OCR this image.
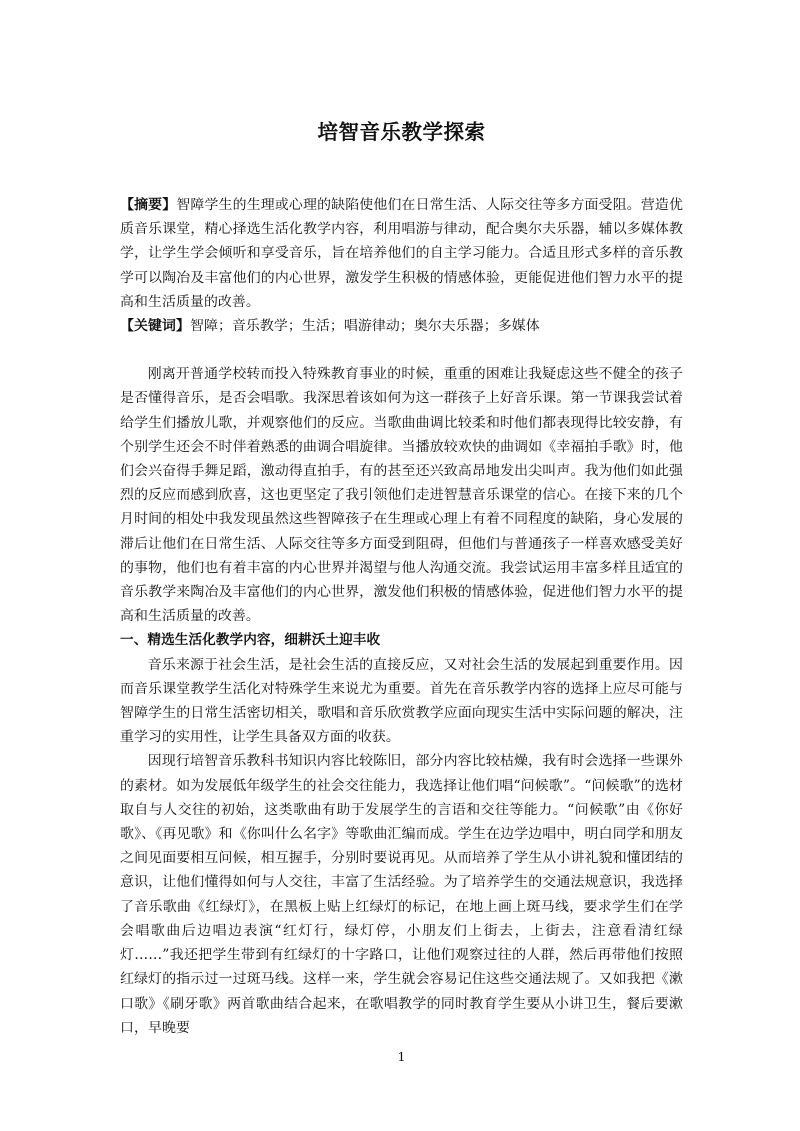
培智音乐教学探索

【摘要】智障学生的生理或心理的缺陷使他们在日常生活、人际交往等多方面受阻。营造优质音乐课堂，精心择选生活化教学内容，利用唱游与律动，配合奥尔夫乐器，辅以多媒体教学，让学生学会倾听和享受音乐，旨在培养他们的自主学习能力。合适且形式多样的音乐教学可以陶冶及丰富他们的内心世界，激发学生积极的情感体验，更能促进他们智力水平的提高和生活质量的改善。

【关键词】智障；音乐教学；生活；唱游律动；奥尔夫乐器；多媒体

刚离开普通学校转而投入特殊教育事业的时候，重重的困难让我疑虑这些不健全的孩子是否懂得音乐，是否会唱歌。我深思着该如何为这一群孩子上好音乐课。第一节课我尝试着给学生们播放儿歌，并观察他们的反应。当歌曲曲调比较柔和时他们都表现得比较安静，有个别学生还会不时伴着熟悉的曲调合唱旋律。当播放较欢快的曲调如《幸福拍手歌》时，他们会兴奋得手舞足蹈，激动得直拍手，有的甚至还兴致高昂地发出尖叫声。我为他们如此强烈的反应而感到欣喜，这也更坚定了我引领他们走进智慧音乐课堂的信心。在接下来的几个月时间的相处中我发现虽然这些智障孩子在生理或心理上有着不同程度的缺陷，身心发展的滞后让他们在日常生活、人际交往等多方面受到阻碍，但他们与普通孩子一样喜欢感受美好的事物，他们也有着丰富的内心世界并渴望与他人沟通交流。我尝试运用丰富多样且适宜的音乐教学来陶冶及丰富他们的内心世界，激发他们积极的情感体验，促进他们智力水平的提高和生活质量的改善。

一、精选生活化教学内容，细耕沃土迎丰收

音乐来源于社会生活，是社会生活的直接反应，又对社会生活的发展起到重要作用。因而音乐课堂教学生活化对特殊学生来说尤为重要。首先在音乐教学内容的选择上应尽可能与智障学生的日常生活密切相关，歌唱和音乐欣赏教学应面向现实生活中实际问题的解决，注重学习的实用性，让学生具备双方面的收获。

因现行培智音乐教科书知识内容比较陈旧，部分内容比较枯燥，我有时会选择一些课外的素材。如为发展低年级学生的社会交往能力，我选择让他们唱“问候歌”。“问候歌”的选材取自与人交往的初始，这类歌曲有助于发展学生的言语和交往等能力。“问候歌”由《你好歌》、《再见歌》和《你叫什么名字》等歌曲汇编而成。学生在边学边唱中，明白同学和朋友之间见面要相互问候，相互握手，分别时要说再见。从而培养了学生从小讲礼貌和懂团结的意识，让他们懂得如何与人交往，丰富了生活经验。为了培养学生的交通法规意识，我选择了音乐歌曲《红绿灯》，在黑板上贴上红绿灯的标记，在地上画上斑马线，要求学生们在学会唱歌曲后边唱边表演“红灯行，绿灯停，小朋友们上街去，上街去，注意看清红绿灯……”我还把学生带到有红绿灯的十字路口，让他们观察过往的人群，然后再带他们按照红绿灯的指示过一过斑马线。这样一来，学生就会容易记住这些交通法规了。又如我把《漱口歌》《刷牙歌》两首歌曲结合起来，在歌唱教学的同时教育学生要从小讲卫生，餐后要漱口，早晚要

1
